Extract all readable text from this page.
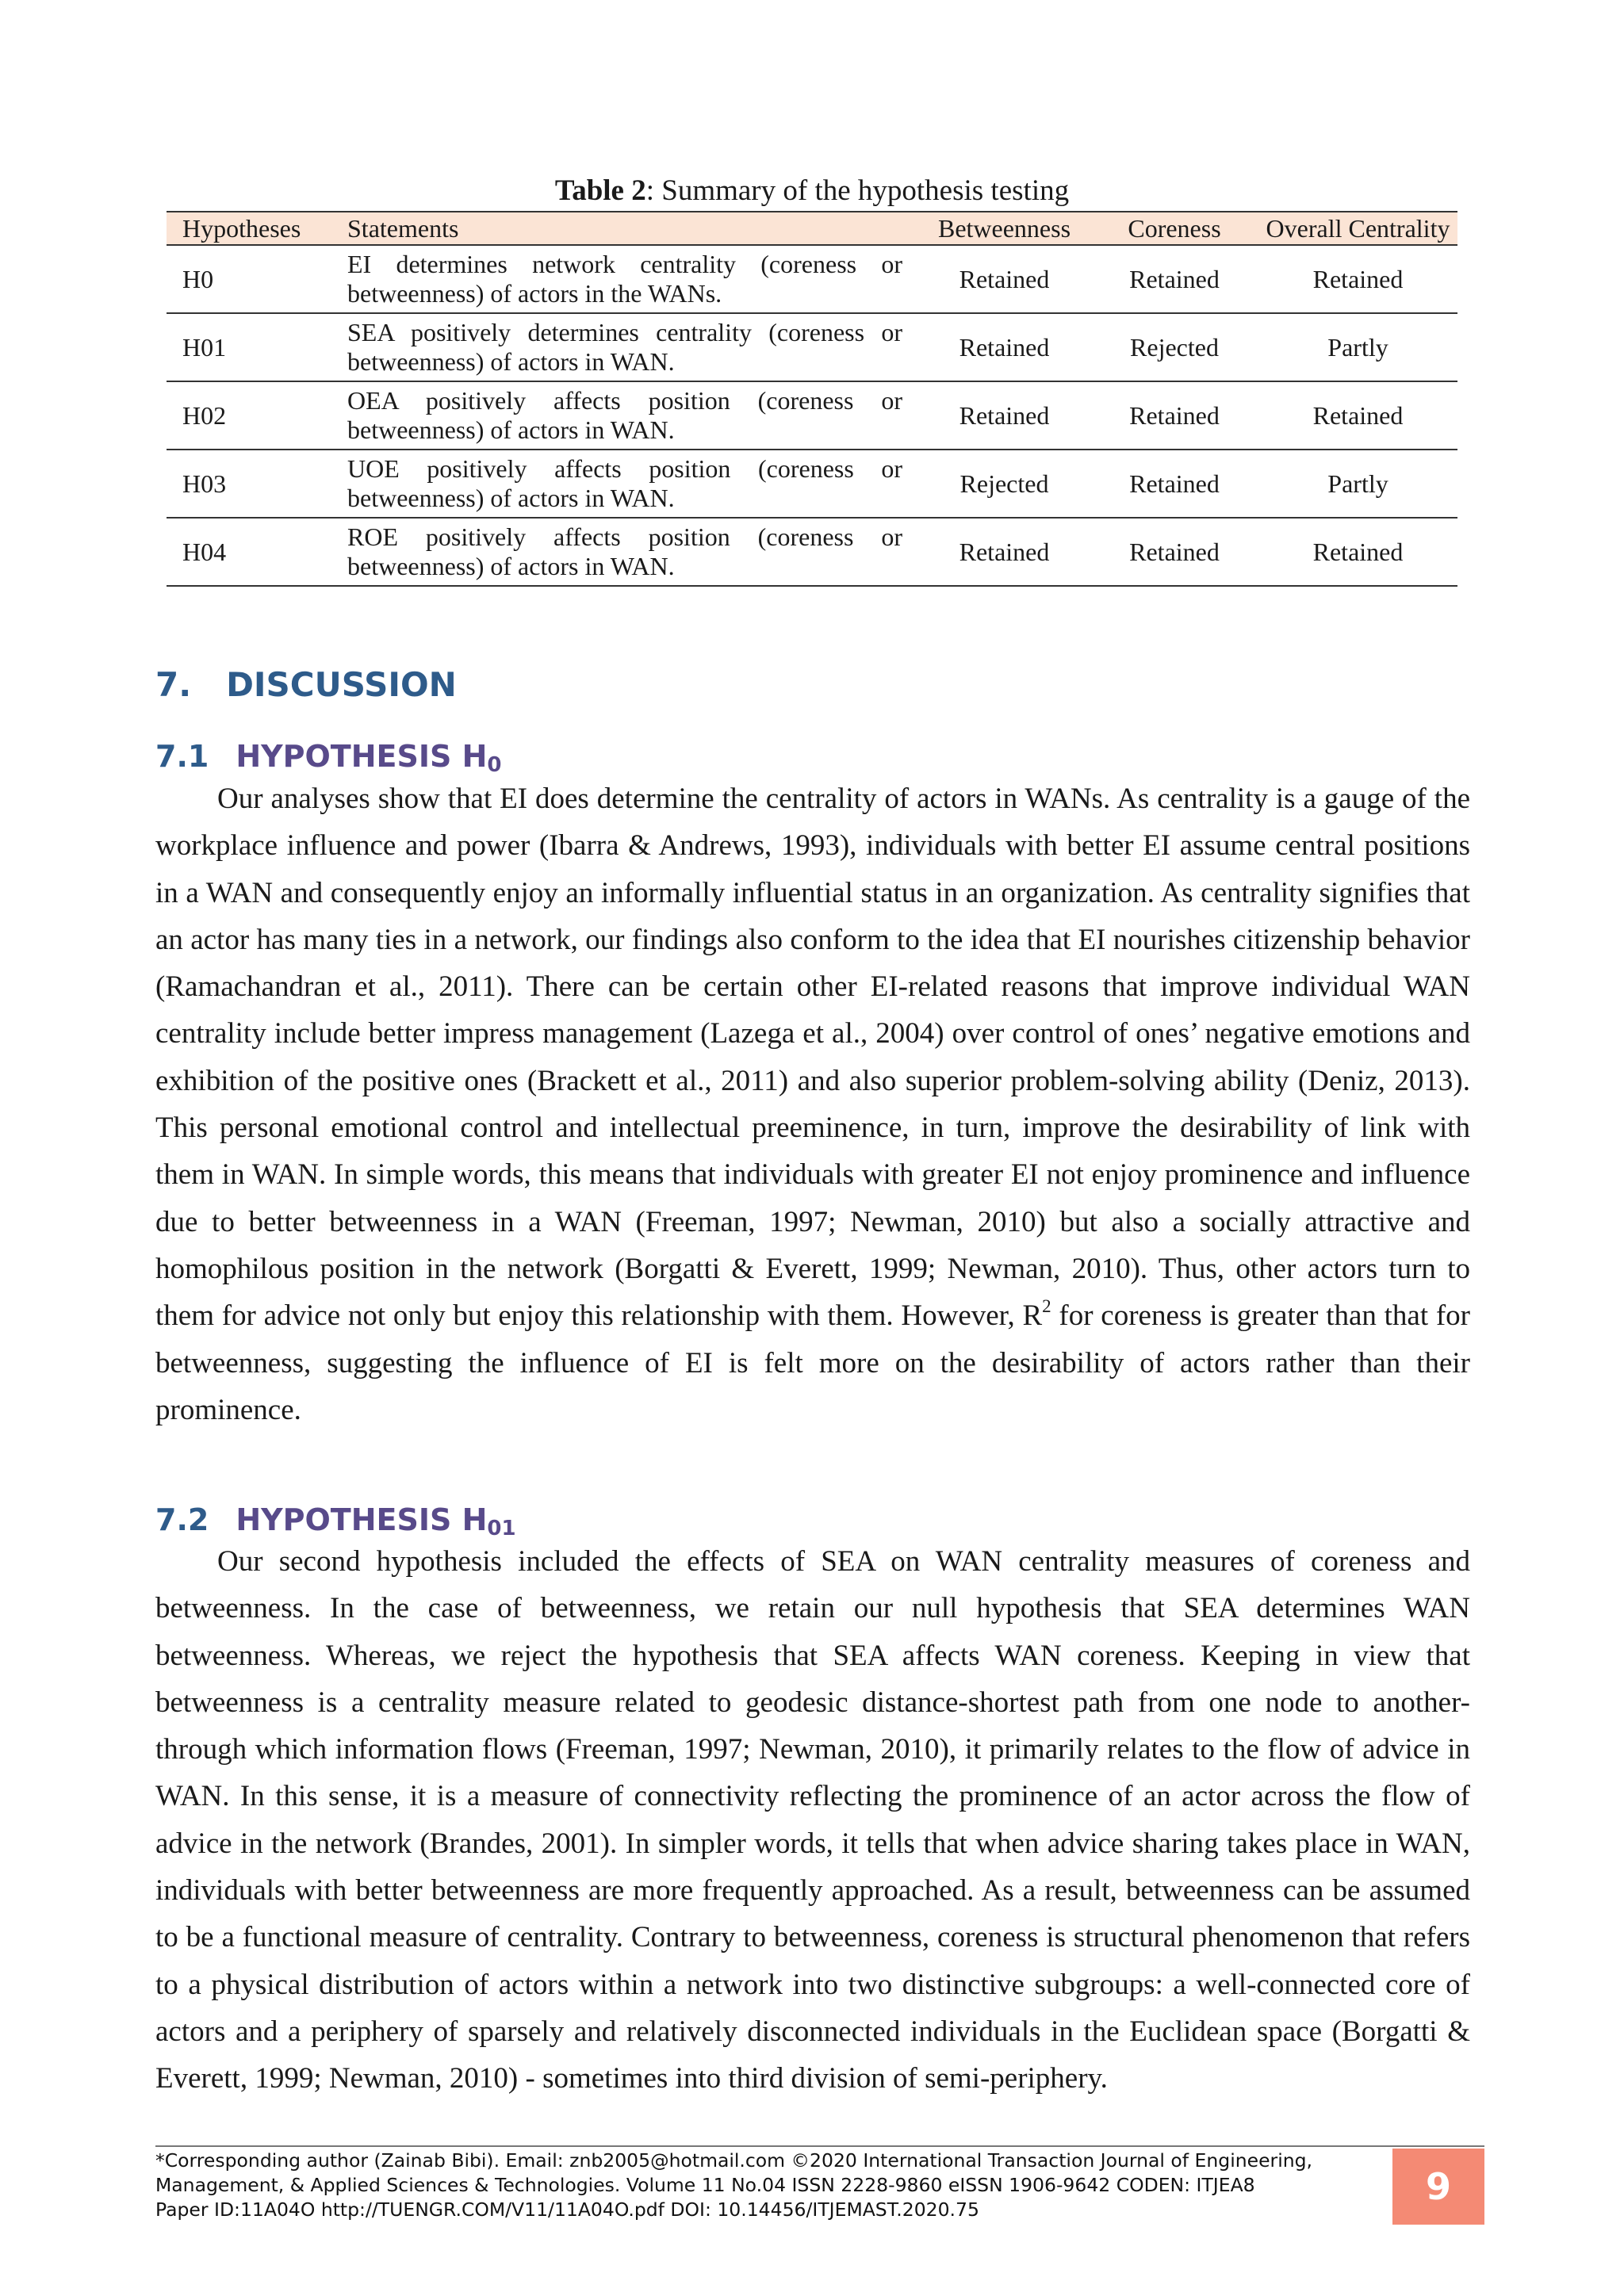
Table 2: Summary of the hypothesis testing
Hypotheses	Statements	Betweenness	Coreness	Overall Centrality
H0	EI determines network centrality (coreness or betweenness) of actors in the WANs.	Retained	Retained	Retained
H01	SEA positively determines centrality (coreness or betweenness) of actors in WAN.	Retained	Rejected	Partly
H02	OEA positively affects position (coreness or betweenness) of actors in WAN.	Retained	Retained	Retained
H03	UOE positively affects position (coreness or betweenness) of actors in WAN.	Rejected	Retained	Partly
H04	ROE positively affects position (coreness or betweenness) of actors in WAN.	Retained	Retained	Retained
7. DISCUSSION
7.1 HYPOTHESIS $H_0$

Our analyses show that EI does determine the centrality of actors in WANs. As centrality is a gauge of the workplace influence and power (Ibarra & Andrews, 1993), individuals with better EI assume central positions in a WAN and consequently enjoy an informally influential status in an organization. As centrality signifies that an actor has many ties in a network, our findings also conform to the idea that EI nourishes citizenship behavior (Ramachandran et al., 2011). There can be certain other EI-related reasons that improve individual WAN centrality include better impress management (Lazega et al., 2004) over control of ones’ negative emotions and exhibition of the positive ones (Brackett et al., 2011) and also superior problem-solving ability (Deniz, 2013). This personal emotional control and intellectual preeminence, in turn, improve the desirability of link with them in WAN. In simple words, this means that individuals with greater EI not enjoy prominence and influence due to better betweenness in a WAN (Freeman, 1997; Newman, 2010) but also a socially attractive and homophilous position in the network (Borgatti & Everett, 1999; Newman, 2010). Thus, other actors turn to them for advice not only but enjoy this relationship with them. However, $R^2$ for coreness is greater than that for betweenness, suggesting the influence of EI is felt more on the desirability of actors rather than their prominence.

7.2 HYPOTHESIS $H_{01}$

Our second hypothesis included the effects of SEA on WAN centrality measures of coreness and betweenness. In the case of betweenness, we retain our null hypothesis that SEA determines WAN betweenness. Whereas, we reject the hypothesis that SEA affects WAN coreness. Keeping in view that betweenness is a centrality measure related to geodesic distance-shortest path from one node to another- through which information flows (Freeman, 1997; Newman, 2010), it primarily relates to the flow of advice in WAN. In this sense, it is a measure of connectivity reflecting the prominence of an actor across the flow of advice in the network (Brandes, 2001). In simpler words, it tells that when advice sharing takes place in WAN, individuals with better betweenness are more frequently approached. As a result, betweenness can be assumed to be a functional measure of centrality. Contrary to betweenness, coreness is structural phenomenon that refers to a physical distribution of actors within a network into two distinctive subgroups: a well-connected core of actors and a periphery of sparsely and relatively disconnected individuals in the Euclidean space (Borgatti & Everett, 1999; Newman, 2010) - sometimes into third division of semi-periphery.

*Corresponding author (Zainab Bibi). Email: znb2005@hotmail.com ©2020 International Transaction Journal of Engineering,
Management, & Applied Sciences & Technologies. Volume 11 No.04 ISSN 2228-9860 eISSN 1906-9642 CODEN: ITJEA8
Paper ID:11A04O http://TUENGR.COM/V11/11A04O.pdf DOI: 10.14456/ITJEMAST.2020.75
9
